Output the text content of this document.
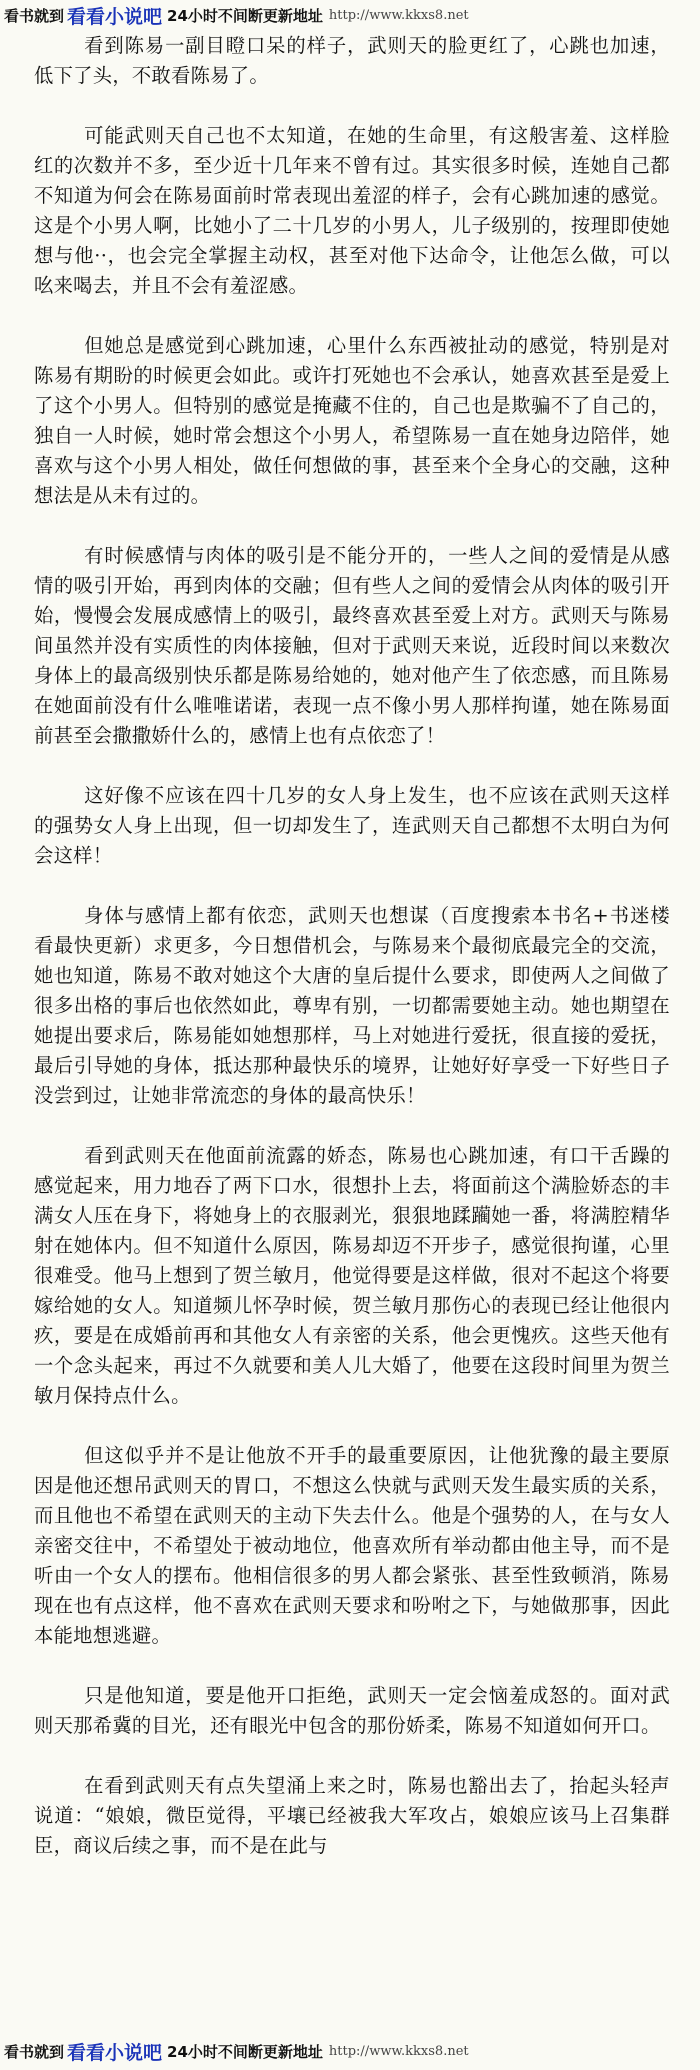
看书就到 看看小说吧 24小时不间断更新地址 http://www.kkxs8.net

看到陈易一副目瞪口呆的样子，武则天的脸更红了，心跳也加速，低下了头，不敢看陈易了。

可能武则天自己也不太知道，在她的生命里，有这般害羞、这样脸红的次数并不多，至少近十几年来不曾有过。其实很多时候，连她自己都不知道为何会在陈易面前时常表现出羞涩的样子，会有心跳加速的感觉。这是个小男人啊，比她小了二十几岁的小男人，儿子级别的，按理即使她想与他··，也会完全掌握主动权，甚至对他下达命令，让他怎么做，可以吆来喝去，并且不会有羞涩感。

但她总是感觉到心跳加速，心里什么东西被扯动的感觉，特别是对陈易有期盼的时候更会如此。或许打死她也不会承认，她喜欢甚至是爱上了这个小男人。但特别的感觉是掩藏不住的，自己也是欺骗不了自己的，独自一人时候，她时常会想这个小男人，希望陈易一直在她身边陪伴，她喜欢与这个小男人相处，做任何想做的事，甚至来个全身心的交融，这种想法是从未有过的。

有时候感情与肉体的吸引是不能分开的，一些人之间的爱情是从感情的吸引开始，再到肉体的交融；但有些人之间的爱情会从肉体的吸引开始，慢慢会发展成感情上的吸引，最终喜欢甚至爱上对方。武则天与陈易间虽然并没有实质性的肉体接触，但对于武则天来说，近段时间以来数次身体上的最高级别快乐都是陈易给她的，她对他产生了依恋感，而且陈易在她面前没有什么唯唯诺诺，表现一点不像小男人那样拘谨，她在陈易面前甚至会撒撒娇什么的，感情上也有点依恋了！

这好像不应该在四十几岁的女人身上发生，也不应该在武则天这样的强势女人身上出现，但一切却发生了，连武则天自己都想不太明白为何会这样！

身体与感情上都有依恋，武则天也想谋（百度搜索本书名+书迷楼　看最快更新）求更多，今日想借机会，与陈易来个最彻底最完全的交流，她也知道，陈易不敢对她这个大唐的皇后提什么要求，即使两人之间做了很多出格的事后也依然如此，尊卑有别，一切都需要她主动。她也期望在她提出要求后，陈易能如她想那样，马上对她进行爱抚，很直接的爱抚，最后引导她的身体，抵达那种最快乐的境界，让她好好享受一下好些日子没尝到过，让她非常流恋的身体的最高快乐！

看到武则天在他面前流露的娇态，陈易也心跳加速，有口干舌躁的感觉起来，用力地吞了两下口水，很想扑上去，将面前这个满脸娇态的丰满女人压在身下，将她身上的衣服剥光，狠狠地蹂躏她一番，将满腔精华射在她体内。但不知道什么原因，陈易却迈不开步子，感觉很拘谨，心里很难受。他马上想到了贺兰敏月，他觉得要是这样做，很对不起这个将要嫁给她的女人。知道频儿怀孕时候，贺兰敏月那伤心的表现已经让他很内疚，要是在成婚前再和其他女人有亲密的关系，他会更愧疚。这些天他有一个念头起来，再过不久就要和美人儿大婚了，他要在这段时间里为贺兰敏月保持点什么。

但这似乎并不是让他放不开手的最重要原因，让他犹豫的最主要原因是他还想吊武则天的胃口，不想这么快就与武则天发生最实质的关系，而且他也不希望在武则天的主动下失去什么。他是个强势的人，在与女人亲密交往中，不希望处于被动地位，他喜欢所有举动都由他主导，而不是听由一个女人的摆布。他相信很多的男人都会紧张、甚至性致顿消，陈易现在也有点这样，他不喜欢在武则天要求和吩咐之下，与她做那事，因此本能地想逃避。

只是他知道，要是他开口拒绝，武则天一定会恼羞成怒的。面对武则天那希冀的目光，还有眼光中包含的那份娇柔，陈易不知道如何开口。

在看到武则天有点失望涌上来之时，陈易也豁出去了，抬起头轻声说道：“娘娘，微臣觉得，平壤已经被我大军攻占，娘娘应该马上召集群臣，商议后续之事，而不是在此与

看书就到 看看小说吧 24小时不间断更新地址 http://www.kkxs8.net
